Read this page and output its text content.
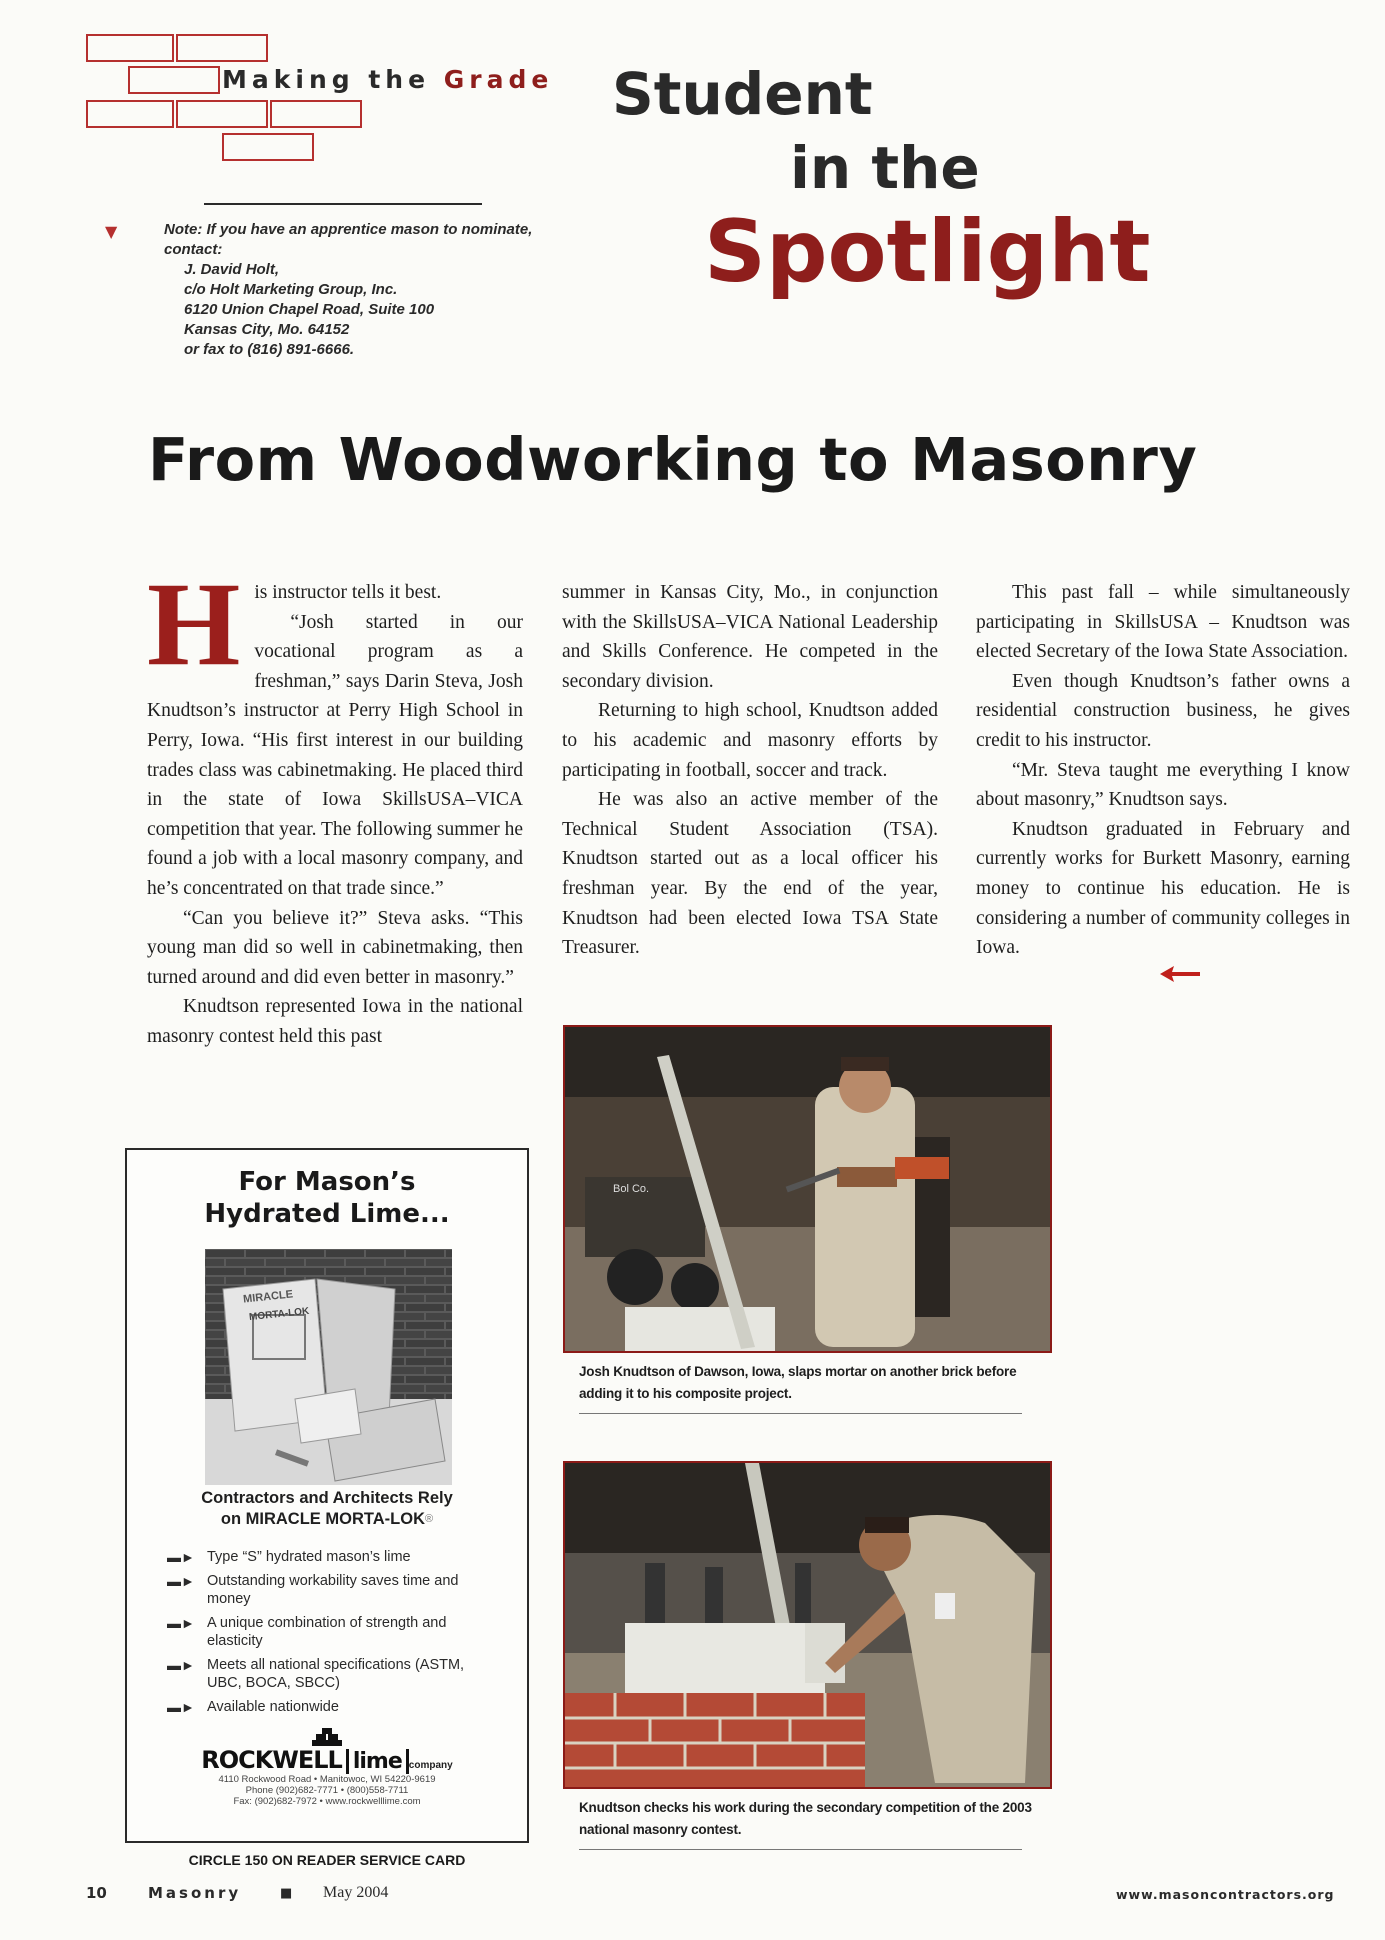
Making the Grade Student
in the
Spotlight
▼	Note: If you have an apprentice mason to nominate, contact:
J. David Holt,
c/o Holt Marketing Group, Inc.
6120 Union Chapel Road, Suite 100
Kansas City, Mo. 64152
or fax to (816) 891-6666.
From Woodworking to Masonry

His instructor tells it best.

“Josh started in our vocational program as a freshman,” says Darin Steva, Josh Knudtson’s instructor at Perry High School in Perry, Iowa. “His first interest in our building trades class was cabinetmaking. He placed third in the state of Iowa SkillsUSA–VICA competition that year. The following summer he found a job with a local masonry company, and he’s concentrated on that trade since.”

“Can you believe it?” Steva asks. “This young man did so well in cabinetmaking, then turned around and did even better in masonry.”

Knudtson represented Iowa in the national masonry contest held this past

summer in Kansas City, Mo., in conjunction with the SkillsUSA–VICA National Leadership and Skills Conference. He competed in the secondary division.

Returning to high school, Knudtson added to his academic and masonry efforts by participating in football, soccer and track.

He was also an active member of the Technical Student Association (TSA). Knudtson started out as a local officer his freshman year. By the end of the year, Knudtson had been elected Iowa TSA State Treasurer.

This past fall – while simultaneously participating in SkillsUSA – Knudtson was elected Secretary of the Iowa State Association.

Even though Knudtson’s father owns a residential construction business, he gives credit to his instructor.

“Mr. Steva taught me everything I know about masonry,” Knudtson says.

Knudtson graduated in February and currently works for Burkett Masonry, earning money to continue his education. He is considering a number of community colleges in Iowa.

For Mason’s
Hydrated Lime...
MIRACLE
MORTA-LOK
Contractors and Architects Rely
on MIRACLE MORTA-LOK®
▬► Type “S” hydrated mason’s lime
▬► Outstanding workability saves time and money
▬► A unique combination of strength and elasticity
▬► Meets all national specifications (ASTM, UBC, BOCA, SBCC)
▬► Available nationwide
ROCKWELL lime company
4110 Rockwood Road • Manitowoc, WI 54220-9619
Phone (902)682-7771 • (800)558-7711
Fax: (902)682-7972 • www.rockwelllime.com
CIRCLE 150 ON READER SERVICE CARD
Bol Co.
Josh Knudtson of Dawson, Iowa, slaps mortar on another brick before adding it to his composite project.
Knudtson checks his work during the secondary competition of the 2003 national masonry contest.
10	Masonry	■ May 2004	www.masoncontractors.org
